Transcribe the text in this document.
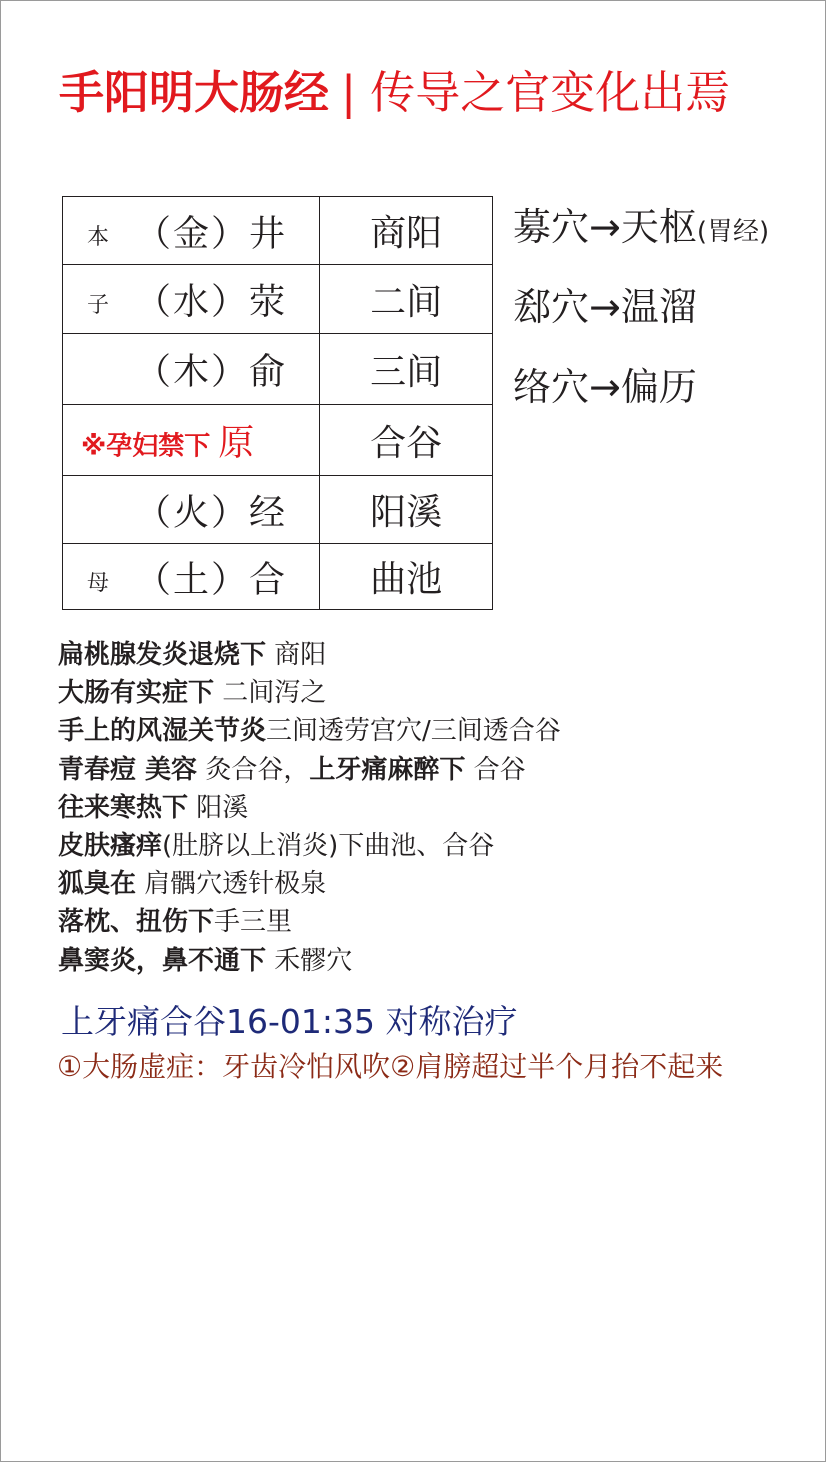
手阳明大肠经 | 传导之官变化出焉
本 （金）井	商阳

子 （水）荥	二间

（木）俞	三间

※孕妇禁下 原	合谷

（火）经	阳溪

母 （土）合	曲池
募穴→天枢(胃经)
郄穴→温溜
络穴→偏历
扁桃腺发炎退烧下 商阳
大肠有实症下 二间泻之
手上的风湿关节炎三间透劳宫穴/三间透合谷
青春痘 美容 灸合谷，上牙痛麻醉下 合谷
往来寒热下 阳溪
皮肤瘙痒(肚脐以上消炎)下曲池、合谷
狐臭在 肩髃穴透针极泉
落枕、扭伤下手三里
鼻窦炎，鼻不通下 禾髎穴
上牙痛合谷16-01:35 对称治疗
①大肠虚症：牙齿冷怕风吹②肩膀超过半个月抬不起来
